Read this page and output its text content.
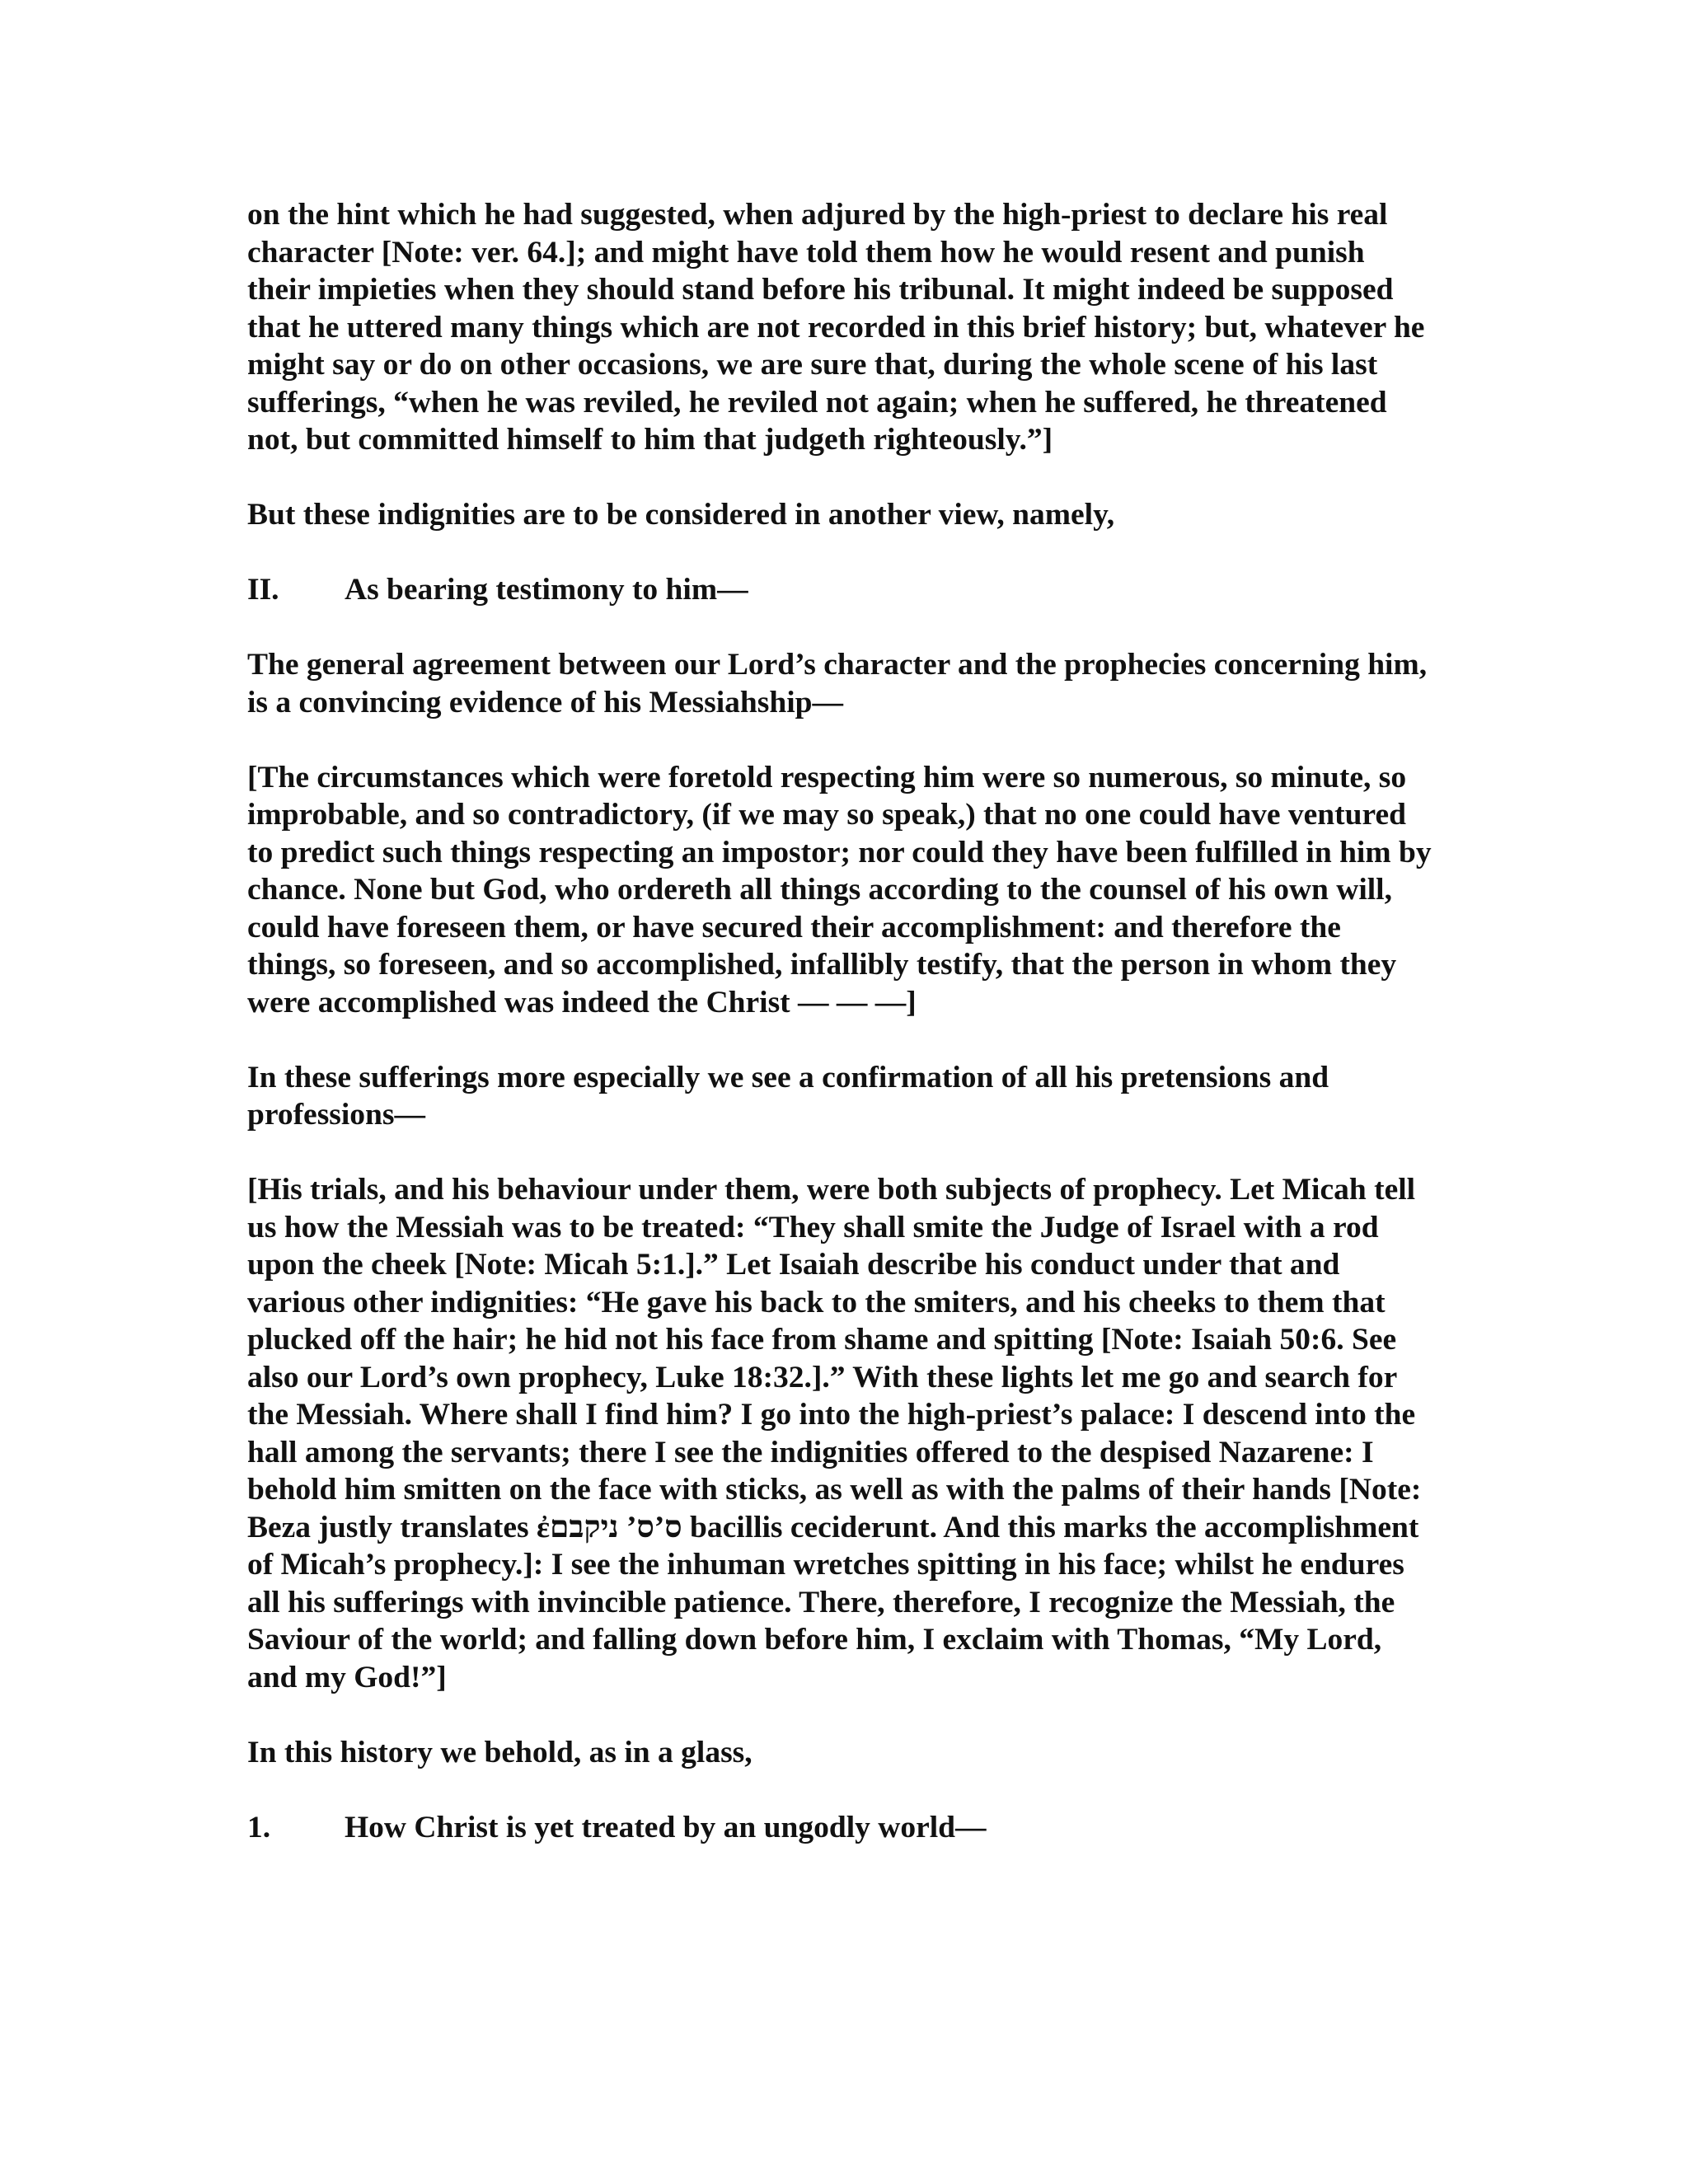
on the hint which he had suggested, when adjured by the high-priest to declare his real character [Note: ver. 64.]; and might have told them how he would resent and punish their impieties when they should stand before his tribunal. It might indeed be supposed that he uttered many things which are not recorded in this brief history; but, whatever he might say or do on other occasions, we are sure that, during the whole scene of his last sufferings, “when he was reviled, he reviled not again; when he suffered, he threatened not, but committed himself to him that judgeth righteously.”]

But these indignities are to be considered in another view, namely,

II.	As bearing testimony to him—

The general agreement between our Lord’s character and the prophecies concerning him, is a convincing evidence of his Messiahship—

[The circumstances which were foretold respecting him were so numerous, so minute, so improbable, and so contradictory, (if we may so speak,) that no one could have ventured to predict such things respecting an impostor; nor could they have been fulfilled in him by chance. None but God, who ordereth all things according to the counsel of his own will, could have foreseen them, or have secured their accomplishment: and therefore the things, so foreseen, and so accomplished, infallibly testify, that the person in whom they were accomplished was indeed the Christ — — —]

In these sufferings more especially we see a confirmation of all his pretensions and professions—

[His trials, and his behaviour under them, were both subjects of prophecy. Let Micah tell us how the Messiah was to be treated: “They shall smite the Judge of Israel with a rod upon the cheek [Note: Micah 5:1.].” Let Isaiah describe his conduct under that and various other indignities: “He gave his back to the smiters, and his cheeks to them that plucked off the hair; he hid not his face from shame and spitting [Note: Isaiah 50:6. See also our Lord’s own prophecy, Luke 18:32.].” With these lights let me go and search for the Messiah. Where shall I find him? I go into the high-priest’s palace: I descend into the hall among the servants; there I see the indignities offered to the despised Nazarene: I behold him smitten on the face with sticks, as well as with the palms of their hands [Note: Beza justly translates ἐס’ס’ ניקבם bacillis ceciderunt. And this marks the accomplishment of Micah’s prophecy.]: I see the inhuman wretches spitting in his face; whilst he endures all his sufferings with invincible patience. There, therefore, I recognize the Messiah, the Saviour of the world; and falling down before him, I exclaim with Thomas, “My Lord, and my God!”]

In this history we behold, as in a glass,

1.	How Christ is yet treated by an ungodly world—
